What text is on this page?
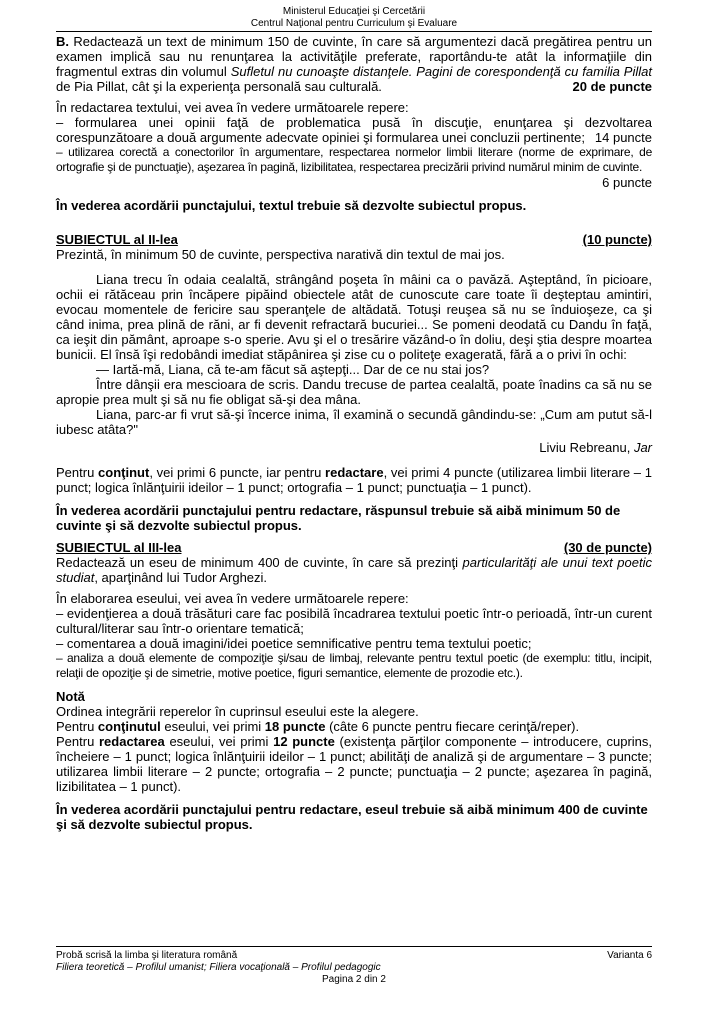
Ministerul Educaţiei şi Cercetării
Centrul Naţional pentru Curriculum şi Evaluare

B. Redactează un text de minimum 150 de cuvinte, în care să argumentezi dacă pregătirea pentru un examen implică sau nu renunţarea la activităţile preferate, raportându-te atât la informaţiile din fragmentul extras din volumul Sufletul nu cunoaşte distanţele. Pagini de corespondenţă cu familia Pillat de Pia Pillat, cât şi la experienţa personală sau culturală.	20 de puncte

În redactarea textului, vei avea în vedere următoarele repere:

– formularea unei opinii faţă de problematica pusă în discuţie, enunţarea şi dezvoltarea corespunzătoare a două argumente adecvate opiniei şi formularea unei concluzii pertinente; 14 puncte

– utilizarea corectă a conectorilor în argumentare, respectarea normelor limbii literare (norme de exprimare, de ortografie şi de punctuaţie), aşezarea în pagină, lizibilitatea, respectarea precizării privind numărul minim de cuvinte.

6 puncte

În vederea acordării punctajului, textul trebuie să dezvolte subiectul propus.

SUBIECTUL al II-lea	(10 puncte)

Prezintă, în minimum 50 de cuvinte, perspectiva narativă din textul de mai jos.

Liana trecu în odaia cealaltă, strângând poşeta în mâini ca o pavăză. Aşteptând, în picioare, ochii ei rătăceau prin încăpere pipăind obiectele atât de cunoscute care toate îi deşteptau amintiri, evocau momentele de fericire sau speranţele de altădată. Totuşi reuşea să nu se înduioşeze, ca şi când inima, prea plină de răni, ar fi devenit refractară bucuriei... Se pomeni deodată cu Dandu în faţă, ca ieşit din pământ, aproape s-o sperie. Avu şi el o tresărire văzând-o în doliu, deşi ştia despre moartea bunicii. El însă îşi redobândi imediat stăpânirea şi zise cu o politeţe exagerată, fără a o privi în ochi:

— Iartă-mă, Liana, că te-am făcut să aştepţi... Dar de ce nu stai jos?

Între dânşii era mescioara de scris. Dandu trecuse de partea cealaltă, poate înadins ca să nu se apropie prea mult şi să nu fie obligat să-şi dea mâna.

Liana, parc-ar fi vrut să-şi încerce inima, îl examină o secundă gândindu-se: „Cum am putut să-l iubesc atâta?"

Liviu Rebreanu, Jar

Pentru conţinut, vei primi 6 puncte, iar pentru redactare, vei primi 4 puncte (utilizarea limbii literare – 1 punct; logica înlănţuirii ideilor – 1 punct; ortografia – 1 punct; punctuaţia – 1 punct).

În vederea acordării punctajului pentru redactare, răspunsul trebuie să aibă minimum 50 de cuvinte şi să dezvolte subiectul propus.

SUBIECTUL al III-lea	(30 de puncte)

Redactează un eseu de minimum 400 de cuvinte, în care să prezinţi particularităţi ale unui text poetic studiat, aparţinând lui Tudor Arghezi.

În elaborarea eseului, vei avea în vedere următoarele repere:

– evidenţierea a două trăsături care fac posibilă încadrarea textului poetic într-o perioadă, într-un curent cultural/literar sau într-o orientare tematică;

– comentarea a două imagini/idei poetice semnificative pentru tema textului poetic;

– analiza a două elemente de compoziţie şi/sau de limbaj, relevante pentru textul poetic (de exemplu: titlu, incipit, relaţii de opoziţie şi de simetrie, motive poetice, figuri semantice, elemente de prozodie etc.).

Notă

Ordinea integrării reperelor în cuprinsul eseului este la alegere.

Pentru conţinutul eseului, vei primi 18 puncte (câte 6 puncte pentru fiecare cerinţă/reper).

Pentru redactarea eseului, vei primi 12 puncte (existenţa părţilor componente – introducere, cuprins, încheiere – 1 punct; logica înlănţuirii ideilor – 1 punct; abilităţi de analiză şi de argumentare – 3 puncte; utilizarea limbii literare – 2 puncte; ortografia – 2 puncte; punctuaţia – 2 puncte; aşezarea în pagină, lizibilitatea – 1 punct).

În vederea acordării punctajului pentru redactare, eseul trebuie să aibă minimum 400 de cuvinte şi să dezvolte subiectul propus.

Probă scrisă la limba şi literatura română	Varianta 6
Filiera teoretică – Profilul umanist; Filiera vocaţională – Profilul pedagogic
Pagina 2 din 2
